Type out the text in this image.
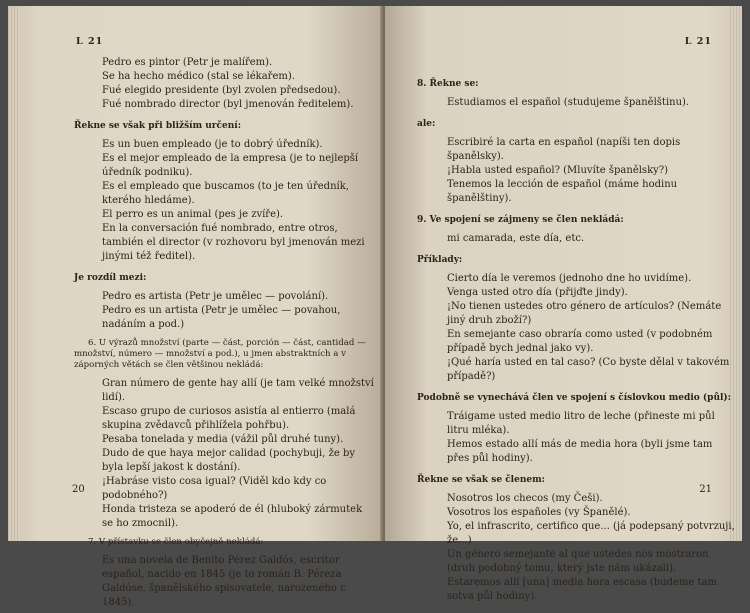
L 21
Pedro es pintor (Petr je malířem).
Se ha hecho médico (stal se lékařem).
Fué elegido presidente (byl zvolen předsedou).
Fué nombrado director (byl jmenován ředitelem).
Řekne se však při bližším určení:
Es un buen empleado (je to dobrý úředník).
Es el mejor empleado de la empresa (je to nejlepší úředník podniku).
Es el empleado que buscamos (to je ten úředník, kterého hledáme).
El perro es un animal (pes je zvíře).
En la conversación fué nombrado, entre otros, también el director (v rozhovoru byl jmenován mezi jinými též ředitel).
Je rozdíl mezi:
Pedro es artista (Petr je umělec — povolání).
Pedro es un artista (Petr je umělec — povahou, nadáním a pod.)
6. U výrazů množství (parte — část, porción — část, cantidad — množství, número — množství a pod.), u jmen abstraktních a v záporných větách se člen většinou nekládá:
Gran número de gente hay allí (je tam velké množství lidí).
Escaso grupo de curiosos asistía al entierro (malá skupina zvědavců přihlížela pohřbu).
Pesaba tonelada y media (vážil půl druhé tuny).
Dudo de que haya mejor calidad (pochybuji, že by byla lepší jakost k dostání).
¡Habráse visto cosa igual? (Viděl kdo kdy co podobného?)
Honda tristeza se apoderó de él (hluboký zármutek se ho zmocnil).
7. V přístavku se člen obyčejně nekládá:
Es una novela de Benito Pérez Galdós, escritor español, nacido en 1845 (je to román B. Péreza Galdóse, španělského spisovatele, narozeného r. 1845).
20
L 21
8. Řekne se:
Estudiamos el español (studujeme španělštinu).
ale:
Escribiré la carta en español (napíši ten dopis španělsky).
¡Habla usted español? (Mluvíte španělsky?)
Tenemos la lección de español (máme hodinu španělštiny).
9. Ve spojení se zájmeny se člen nekládá:
mi camarada, este día, etc.
Příklady:
Cierto día le veremos (jednoho dne ho uvidíme).
Venga usted otro día (přijďte jindy).
¡No tienen ustedes otro género de artículos? (Nemáte jiný druh zboží?)
En semejante caso obraría como usted (v podobném případě bych jednal jako vy).
¡Qué haría usted en tal caso? (Co byste dělal v takovém případě?)
Podobně se vynechává člen ve spojení s číslovkou medio (půl):
Tráigame usted medio litro de leche (přineste mi půl litru mléka).
Hemos estado allí más de media hora (byli jsme tam přes půl hodiny).
Řekne se však se členem:
Nosotros los checos (my Češi).
Vosotros los españoles (vy Španělé).
Yo, el infrascrito, certifico que... (já podepsaný potvrzuji, že...)
Un género semejante al que ustedes nos mostraron (druh podobný tomu, který jste nám ukázali).
Estaremos allí [una] media hora escasa (budeme tam sotva půl hodiny).
21
